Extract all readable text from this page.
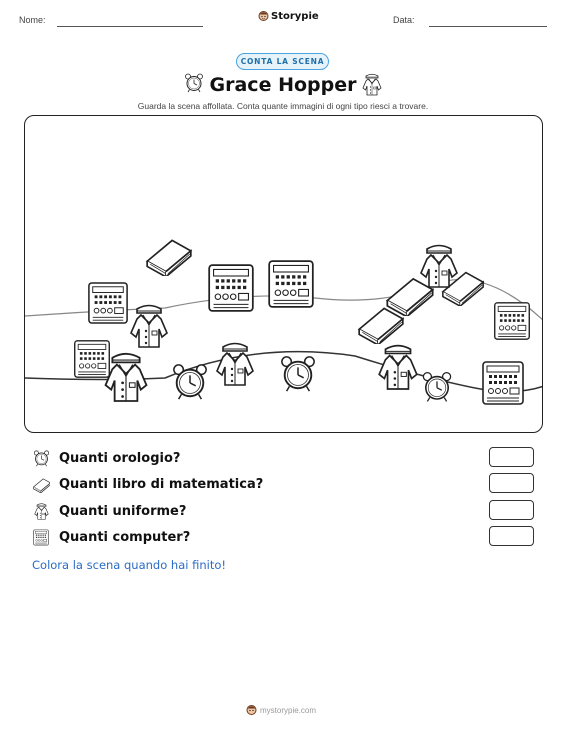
Nome:	Storypie	Data:
CONTA LA SCENA
Grace Hopper
Guarda la scena affollata. Conta quante immagini di ogni tipo riesci a trovare.
Quanti orologio?
Quanti libro di matematica?
Quanti uniforme?
Quanti computer?
Colora la scena quando hai finito!
mystorypie.com
